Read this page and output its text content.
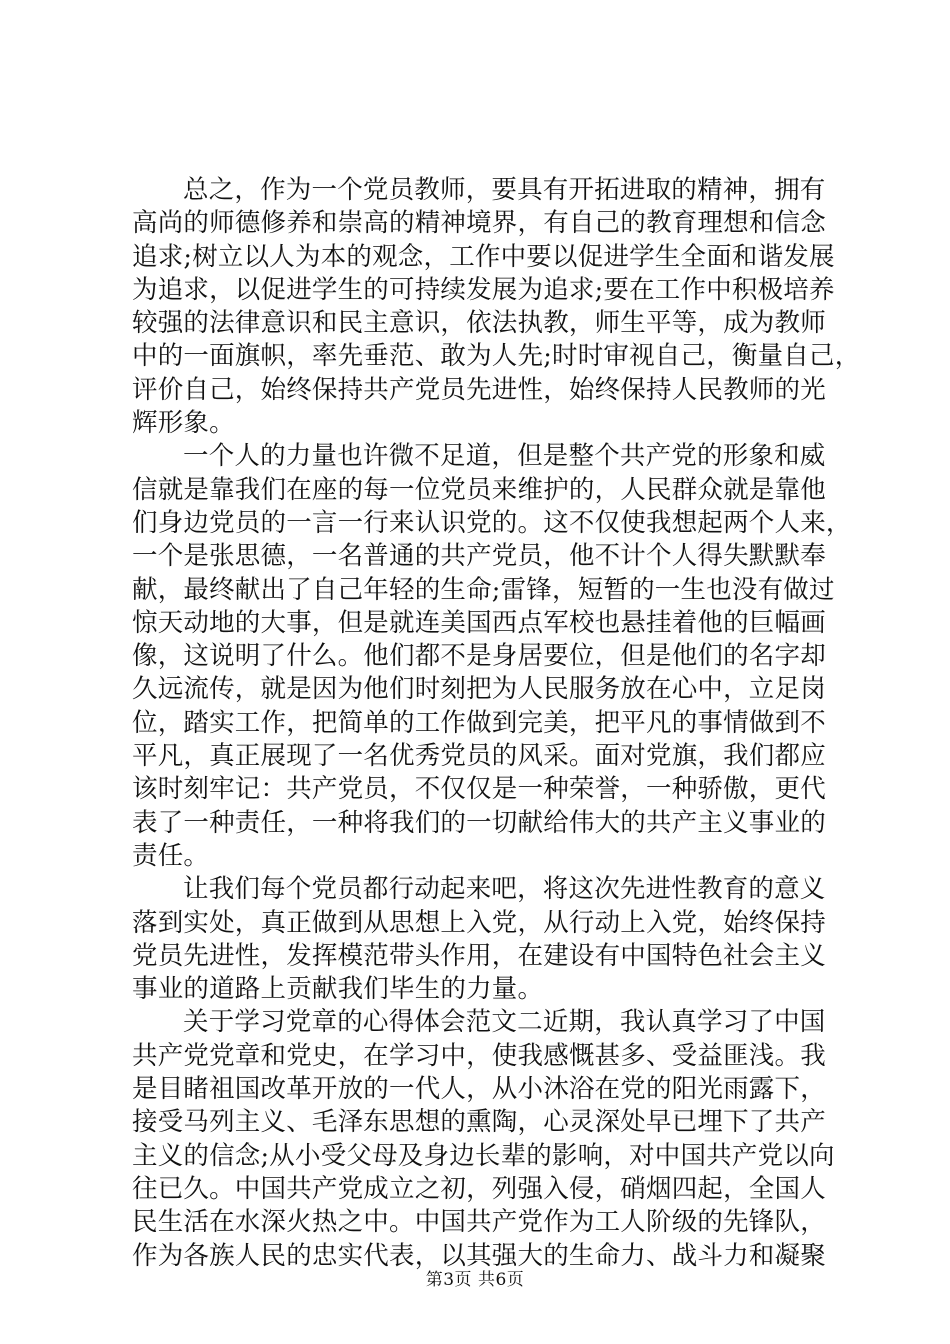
总之，作为一个党员教师，要具有开拓进取的精神，拥有
高尚的师德修养和崇高的精神境界，有自己的教育理想和信念
追求;树立以人为本的观念，工作中要以促进学生全面和谐发展
为追求，以促进学生的可持续发展为追求;要在工作中积极培养
较强的法律意识和民主意识，依法执教，师生平等，成为教师
中的一面旗帜，率先垂范、敢为人先;时时审视自己，衡量自己，
评价自己，始终保持共产党员先进性，始终保持人民教师的光
辉形象。
一个人的力量也许微不足道，但是整个共产党的形象和威
信就是靠我们在座的每一位党员来维护的，人民群众就是靠他
们身边党员的一言一行来认识党的。这不仅使我想起两个人来，
一个是张思德，一名普通的共产党员，他不计个人得失默默奉
献，最终献出了自己年轻的生命;雷锋，短暂的一生也没有做过
惊天动地的大事，但是就连美国西点军校也悬挂着他的巨幅画
像，这说明了什么。他们都不是身居要位，但是他们的名字却
久远流传，就是因为他们时刻把为人民服务放在心中，立足岗
位，踏实工作，把简单的工作做到完美，把平凡的事情做到不
平凡，真正展现了一名优秀党员的风采。面对党旗，我们都应
该时刻牢记：共产党员，不仅仅是一种荣誉，一种骄傲，更代
表了一种责任，一种将我们的一切献给伟大的共产主义事业的
责任。
让我们每个党员都行动起来吧，将这次先进性教育的意义
落到实处，真正做到从思想上入党，从行动上入党，始终保持
党员先进性，发挥模范带头作用，在建设有中国特色社会主义
事业的道路上贡献我们毕生的力量。
关于学习党章的心得体会范文二近期，我认真学习了中国
共产党党章和党史，在学习中，使我感慨甚多、受益匪浅。我
是目睹祖国改革开放的一代人，从小沐浴在党的阳光雨露下，
接受马列主义、毛泽东思想的熏陶，心灵深处早已埋下了共产
主义的信念;从小受父母及身边长辈的影响，对中国共产党以向
往已久。中国共产党成立之初，列强入侵，硝烟四起，全国人
民生活在水深火热之中。中国共产党作为工人阶级的先锋队，
作为各族人民的忠实代表，以其强大的生命力、战斗力和凝聚
第3页 共6页
